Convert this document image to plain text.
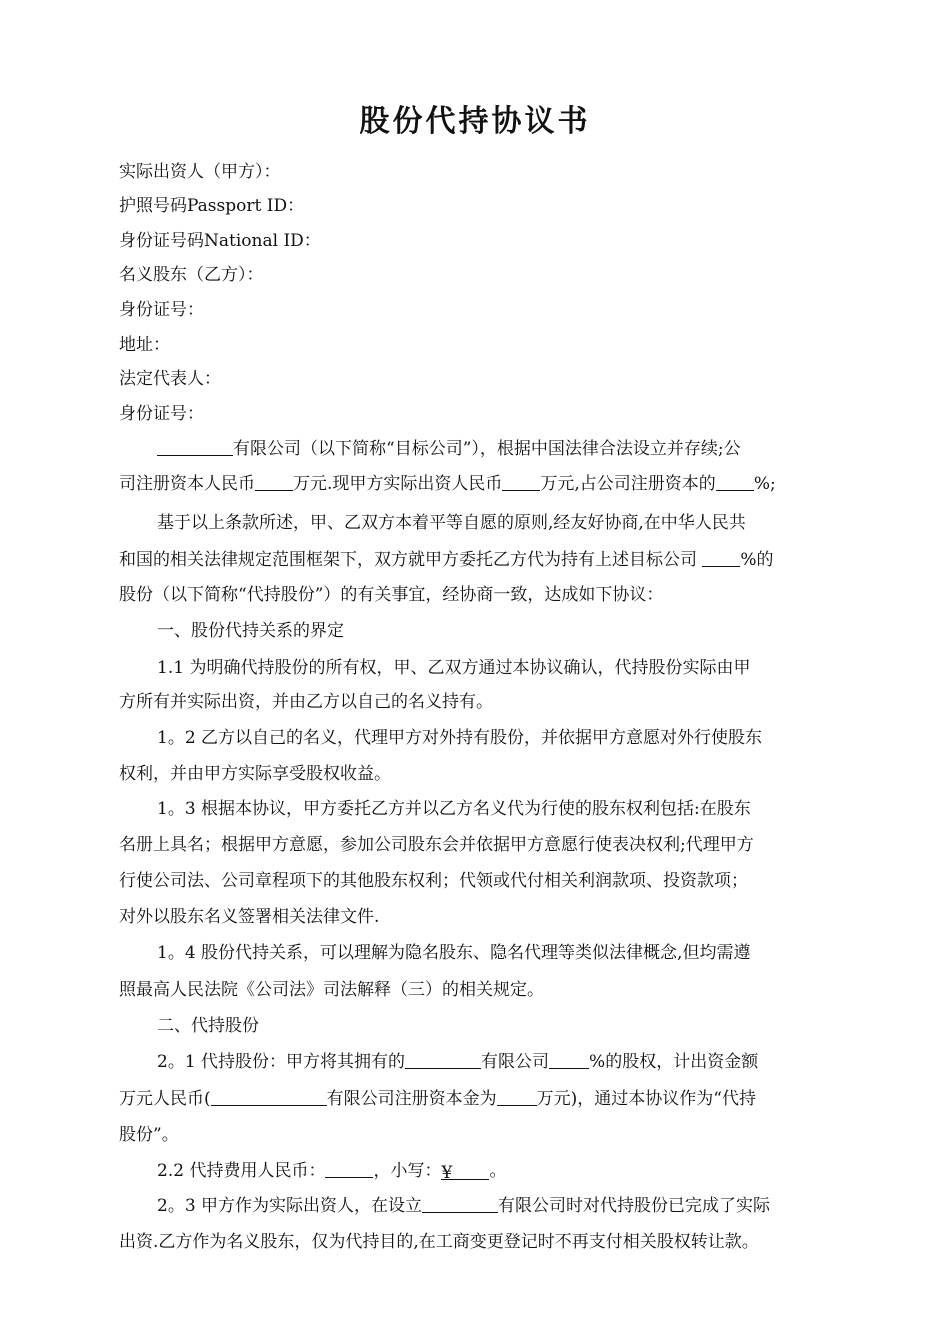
股份代持协议书
实际出资人（甲方）：
护照号码Passport ID：
身份证号码National ID：
名义股东（乙方）：
身份证号：
地址：
法定代表人：
身份证号：
有限公司（以下简称“目标公司”），根据中国法律合法设立并存续;公
司注册资本人民币 万元.现甲方实际出资人民币 万元,占公司注册资本的 %;
基于以上条款所述，甲、乙双方本着平等自愿的原则,经友好协商,在中华人民共
和国的相关法律规定范围框架下，双方就甲方委托乙方代为持有上述目标公司	%的
股份（以下简称“代持股份”）的有关事宜，经协商一致，达成如下协议：
一、股份代持关系的界定
1.1 为明确代持股份的所有权，甲、乙双方通过本协议确认，代持股份实际由甲
方所有并实际出资，并由乙方以自己的名义持有。
1。2 乙方以自己的名义，代理甲方对外持有股份，并依据甲方意愿对外行使股东
权利，并由甲方实际享受股权收益。
1。3 根据本协议，甲方委托乙方并以乙方名义代为行使的股东权利包括:在股东
名册上具名；根据甲方意愿，参加公司股东会并依据甲方意愿行使表决权利;代理甲方
行使公司法、公司章程项下的其他股东权利；代领或代付相关利润款项、投资款项；
对外以股东名义签署相关法律文件.
1。4 股份代持关系，可以理解为隐名股东、隐名代理等类似法律概念,但均需遵
照最高人民法院《公司法》司法解释（三）的相关规定。
二、代持股份
2。1 代持股份：甲方将其拥有的	有限公司 %的股权，计出资金额
万元人民币(	有限公司注册资本金为 万元)，通过本协议作为“代持
股份”。
2.2 代持费用人民币：	，小写：¥ 。
2。3 甲方作为实际出资人，在设立	有限公司时对代持股份已完成了实际
出资.乙方作为名义股东，仅为代持目的,在工商变更登记时不再支付相关股权转让款。
